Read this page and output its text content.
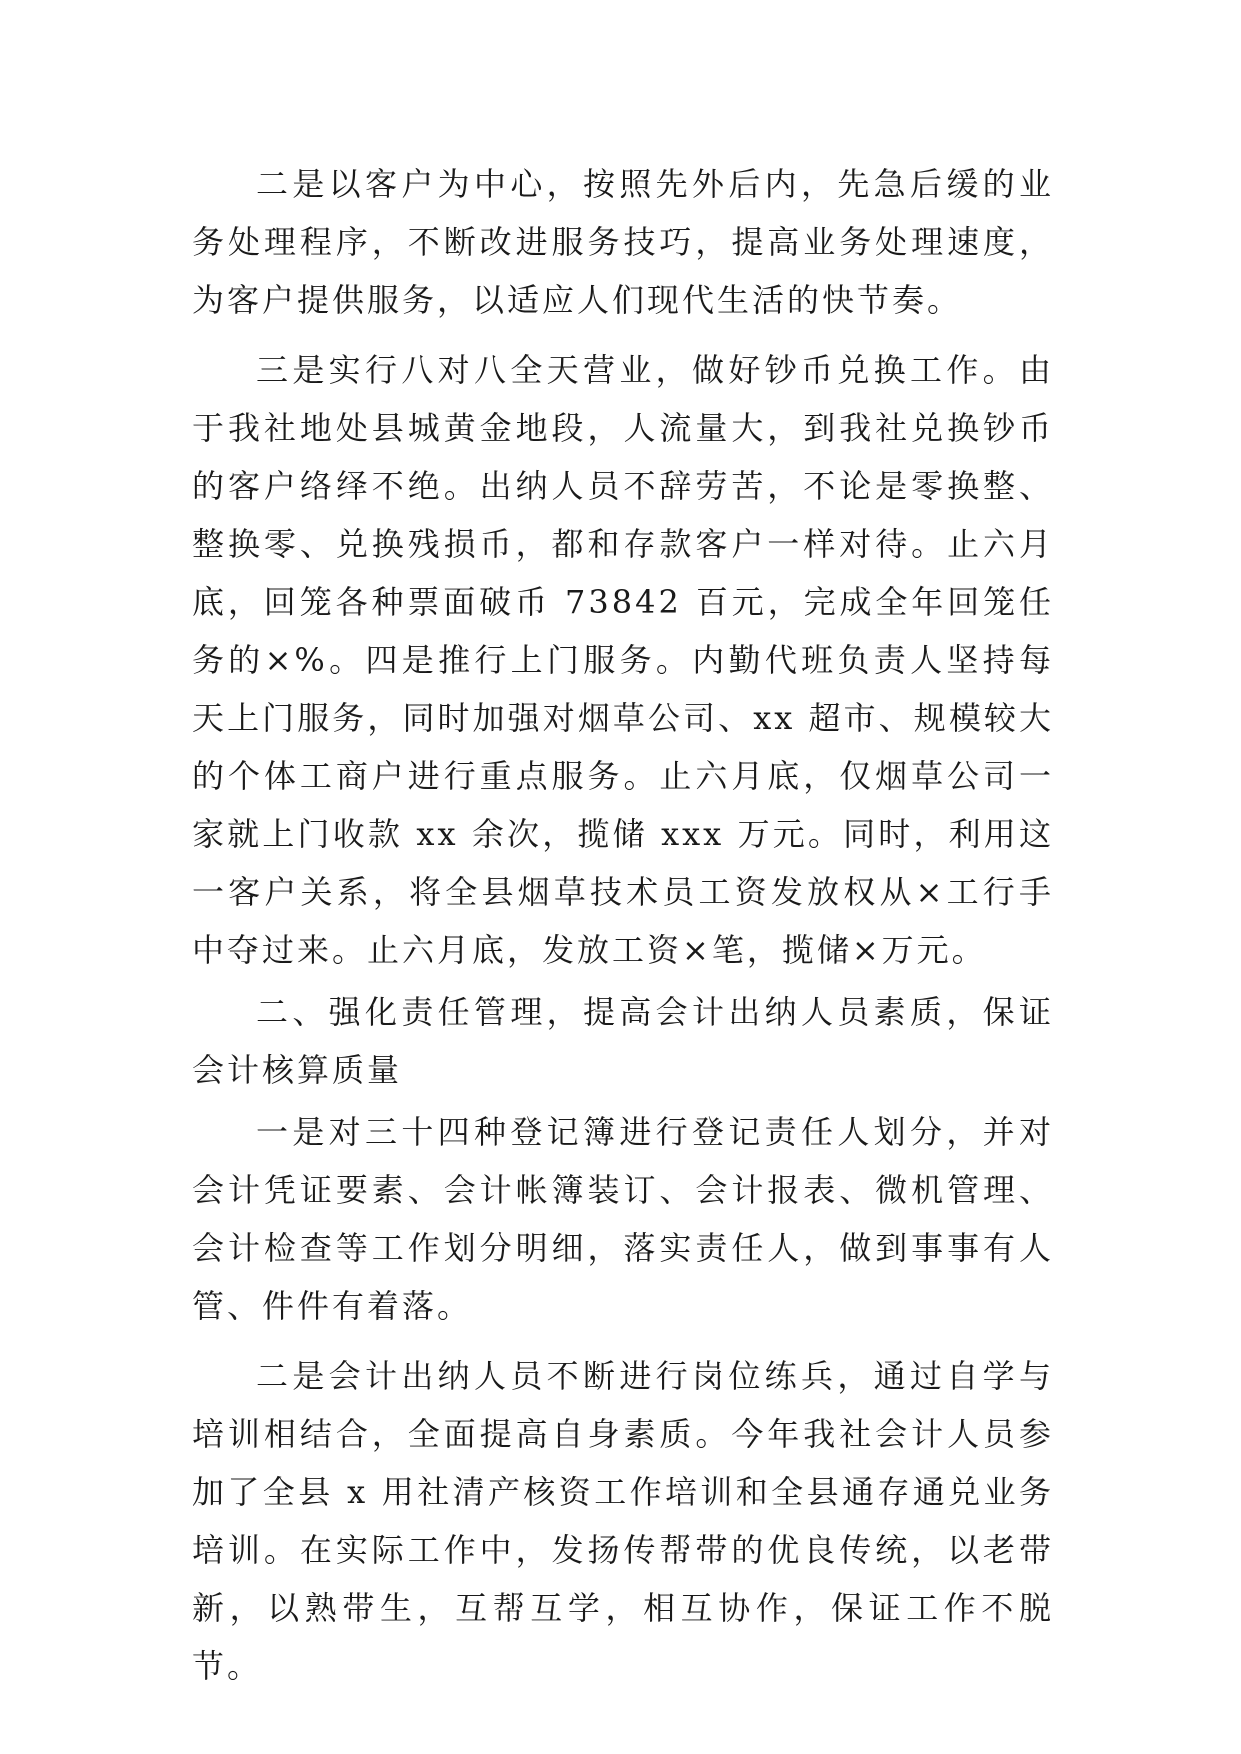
二是以客户为中心，按照先外后内，先急后缓的业务处理程序，不断改进服务技巧，提高业务处理速度，为客户提供服务，以适应人们现代生活的快节奏。

三是实行八对八全天营业，做好钞币兑换工作。由于我社地处县城黄金地段，人流量大，到我社兑换钞币的客户络绎不绝。出纳人员不辞劳苦，不论是零换整、整换零、兑换残损币，都和存款客户一样对待。止六月底，回笼各种票面破币 73842 百元，完成全年回笼任务的×%。四是推行上门服务。内勤代班负责人坚持每天上门服务，同时加强对烟草公司、xx 超市、规模较大的个体工商户进行重点服务。止六月底，仅烟草公司一家就上门收款 xx 余次，揽储 xxx 万元。同时，利用这一客户关系，将全县烟草技术员工资发放权从×工行手中夺过来。止六月底，发放工资×笔，揽储×万元。

二、强化责任管理，提高会计出纳人员素质，保证会计核算质量

一是对三十四种登记簿进行登记责任人划分，并对会计凭证要素、会计帐簿装订、会计报表、微机管理、会计检查等工作划分明细，落实责任人，做到事事有人管、件件有着落。

二是会计出纳人员不断进行岗位练兵，通过自学与培训相结合，全面提高自身素质。今年我社会计人员参加了全县 x 用社清产核资工作培训和全县通存通兑业务培训。在实际工作中，发扬传帮带的优良传统，以老带新，以熟带生，互帮互学，相互协作，保证工作不脱节。
